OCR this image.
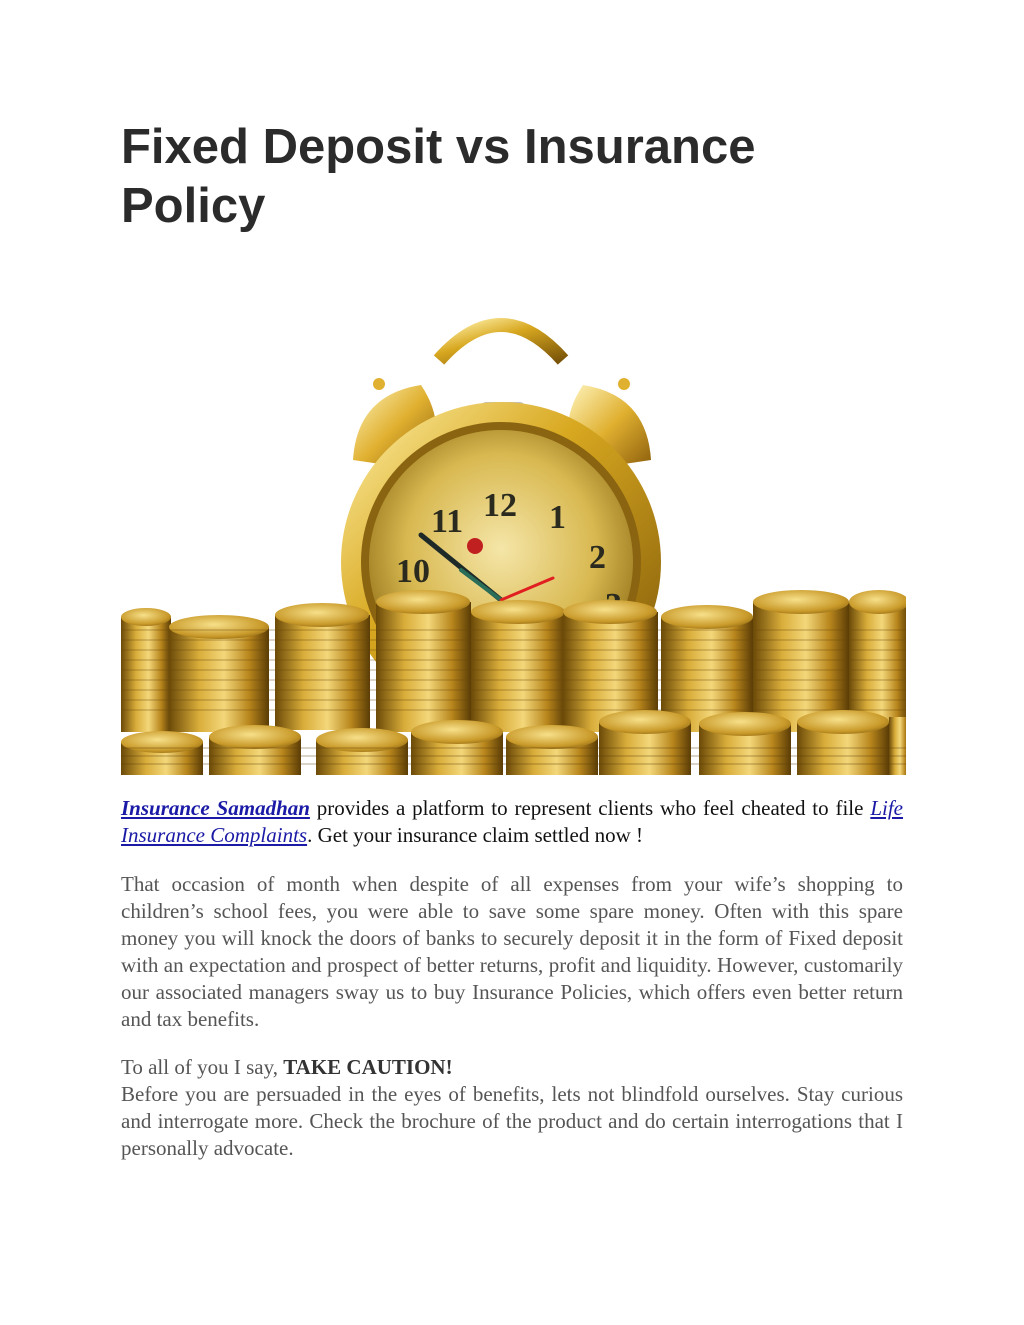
Fixed Deposit vs Insurance Policy
12 1
2
11
10

Insurance Samadhan provides a platform to represent clients who feel cheated to file Life Insurance Complaints. Get your insurance claim settled now !

That occasion of month when despite of all expenses from your wife’s shopping to children’s school fees, you were able to save some spare money. Often with this spare money you will knock the doors of banks to securely deposit it in the form of Fixed deposit with an expectation and prospect of better returns, profit and liquidity. However, customarily our associated managers sway us to buy Insurance Policies, which offers even better return and tax benefits.

To all of you I say, TAKE CAUTION!
Before you are persuaded in the eyes of benefits, lets not blindfold ourselves. Stay curious and interrogate more. Check the brochure of the product and do certain interrogations that I personally advocate.
